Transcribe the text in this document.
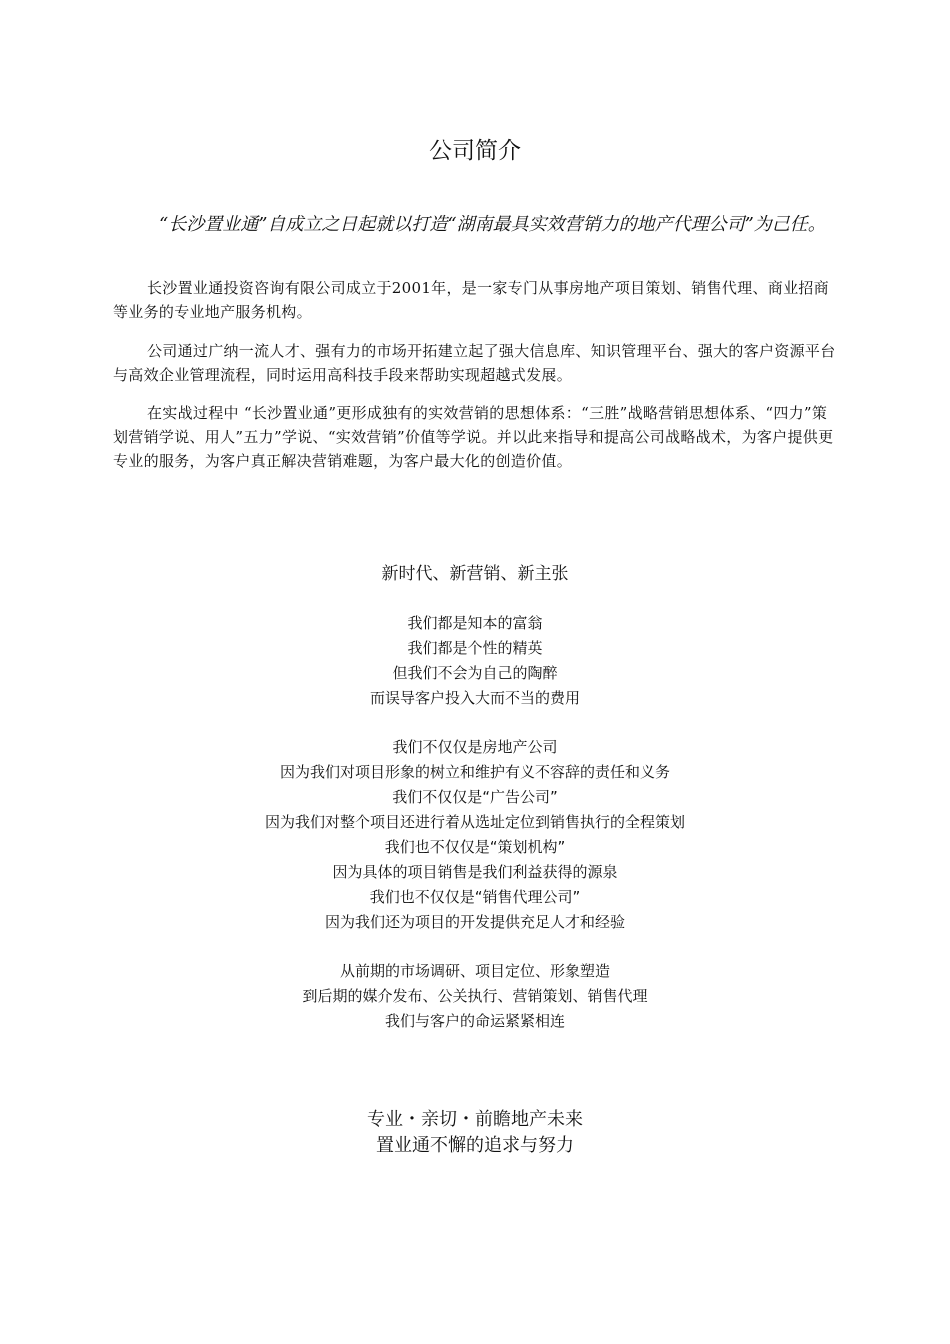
公司简介
“长沙置业通”自成立之日起就以打造“湖南最具实效营销力的地产代理公司”为己任。
长沙置业通投资咨询有限公司成立于2001年，是一家专门从事房地产项目策划、销售代理、商业招商等业务的专业地产服务机构。
公司通过广纳一流人才、强有力的市场开拓建立起了强大信息库、知识管理平台、强大的客户资源平台与高效企业管理流程，同时运用高科技手段来帮助实现超越式发展。
在实战过程中 “长沙置业通”更形成独有的实效营销的思想体系：“三胜”战略营销思想体系、“四力”策划营销学说、用人”五力”学说、“实效营销”价值等学说。并以此来指导和提高公司战略战术，为客户提供更专业的服务，为客户真正解决营销难题，为客户最大化的创造价值。
新时代、新营销、新主张
我们都是知本的富翁
我们都是个性的精英
但我们不会为自己的陶醉
而误导客户投入大而不当的费用
我们不仅仅是房地产公司
因为我们对项目形象的树立和维护有义不容辞的责任和义务
我们不仅仅是“广告公司”
因为我们对整个项目还进行着从选址定位到销售执行的全程策划
我们也不仅仅是“策划机构”
因为具体的项目销售是我们利益获得的源泉
我们也不仅仅是“销售代理公司”
因为我们还为项目的开发提供充足人才和经验
从前期的市场调研、项目定位、形象塑造
到后期的媒介发布、公关执行、营销策划、销售代理
我们与客户的命运紧紧相连
专业・亲切・前瞻地产未来
置业通不懈的追求与努力
